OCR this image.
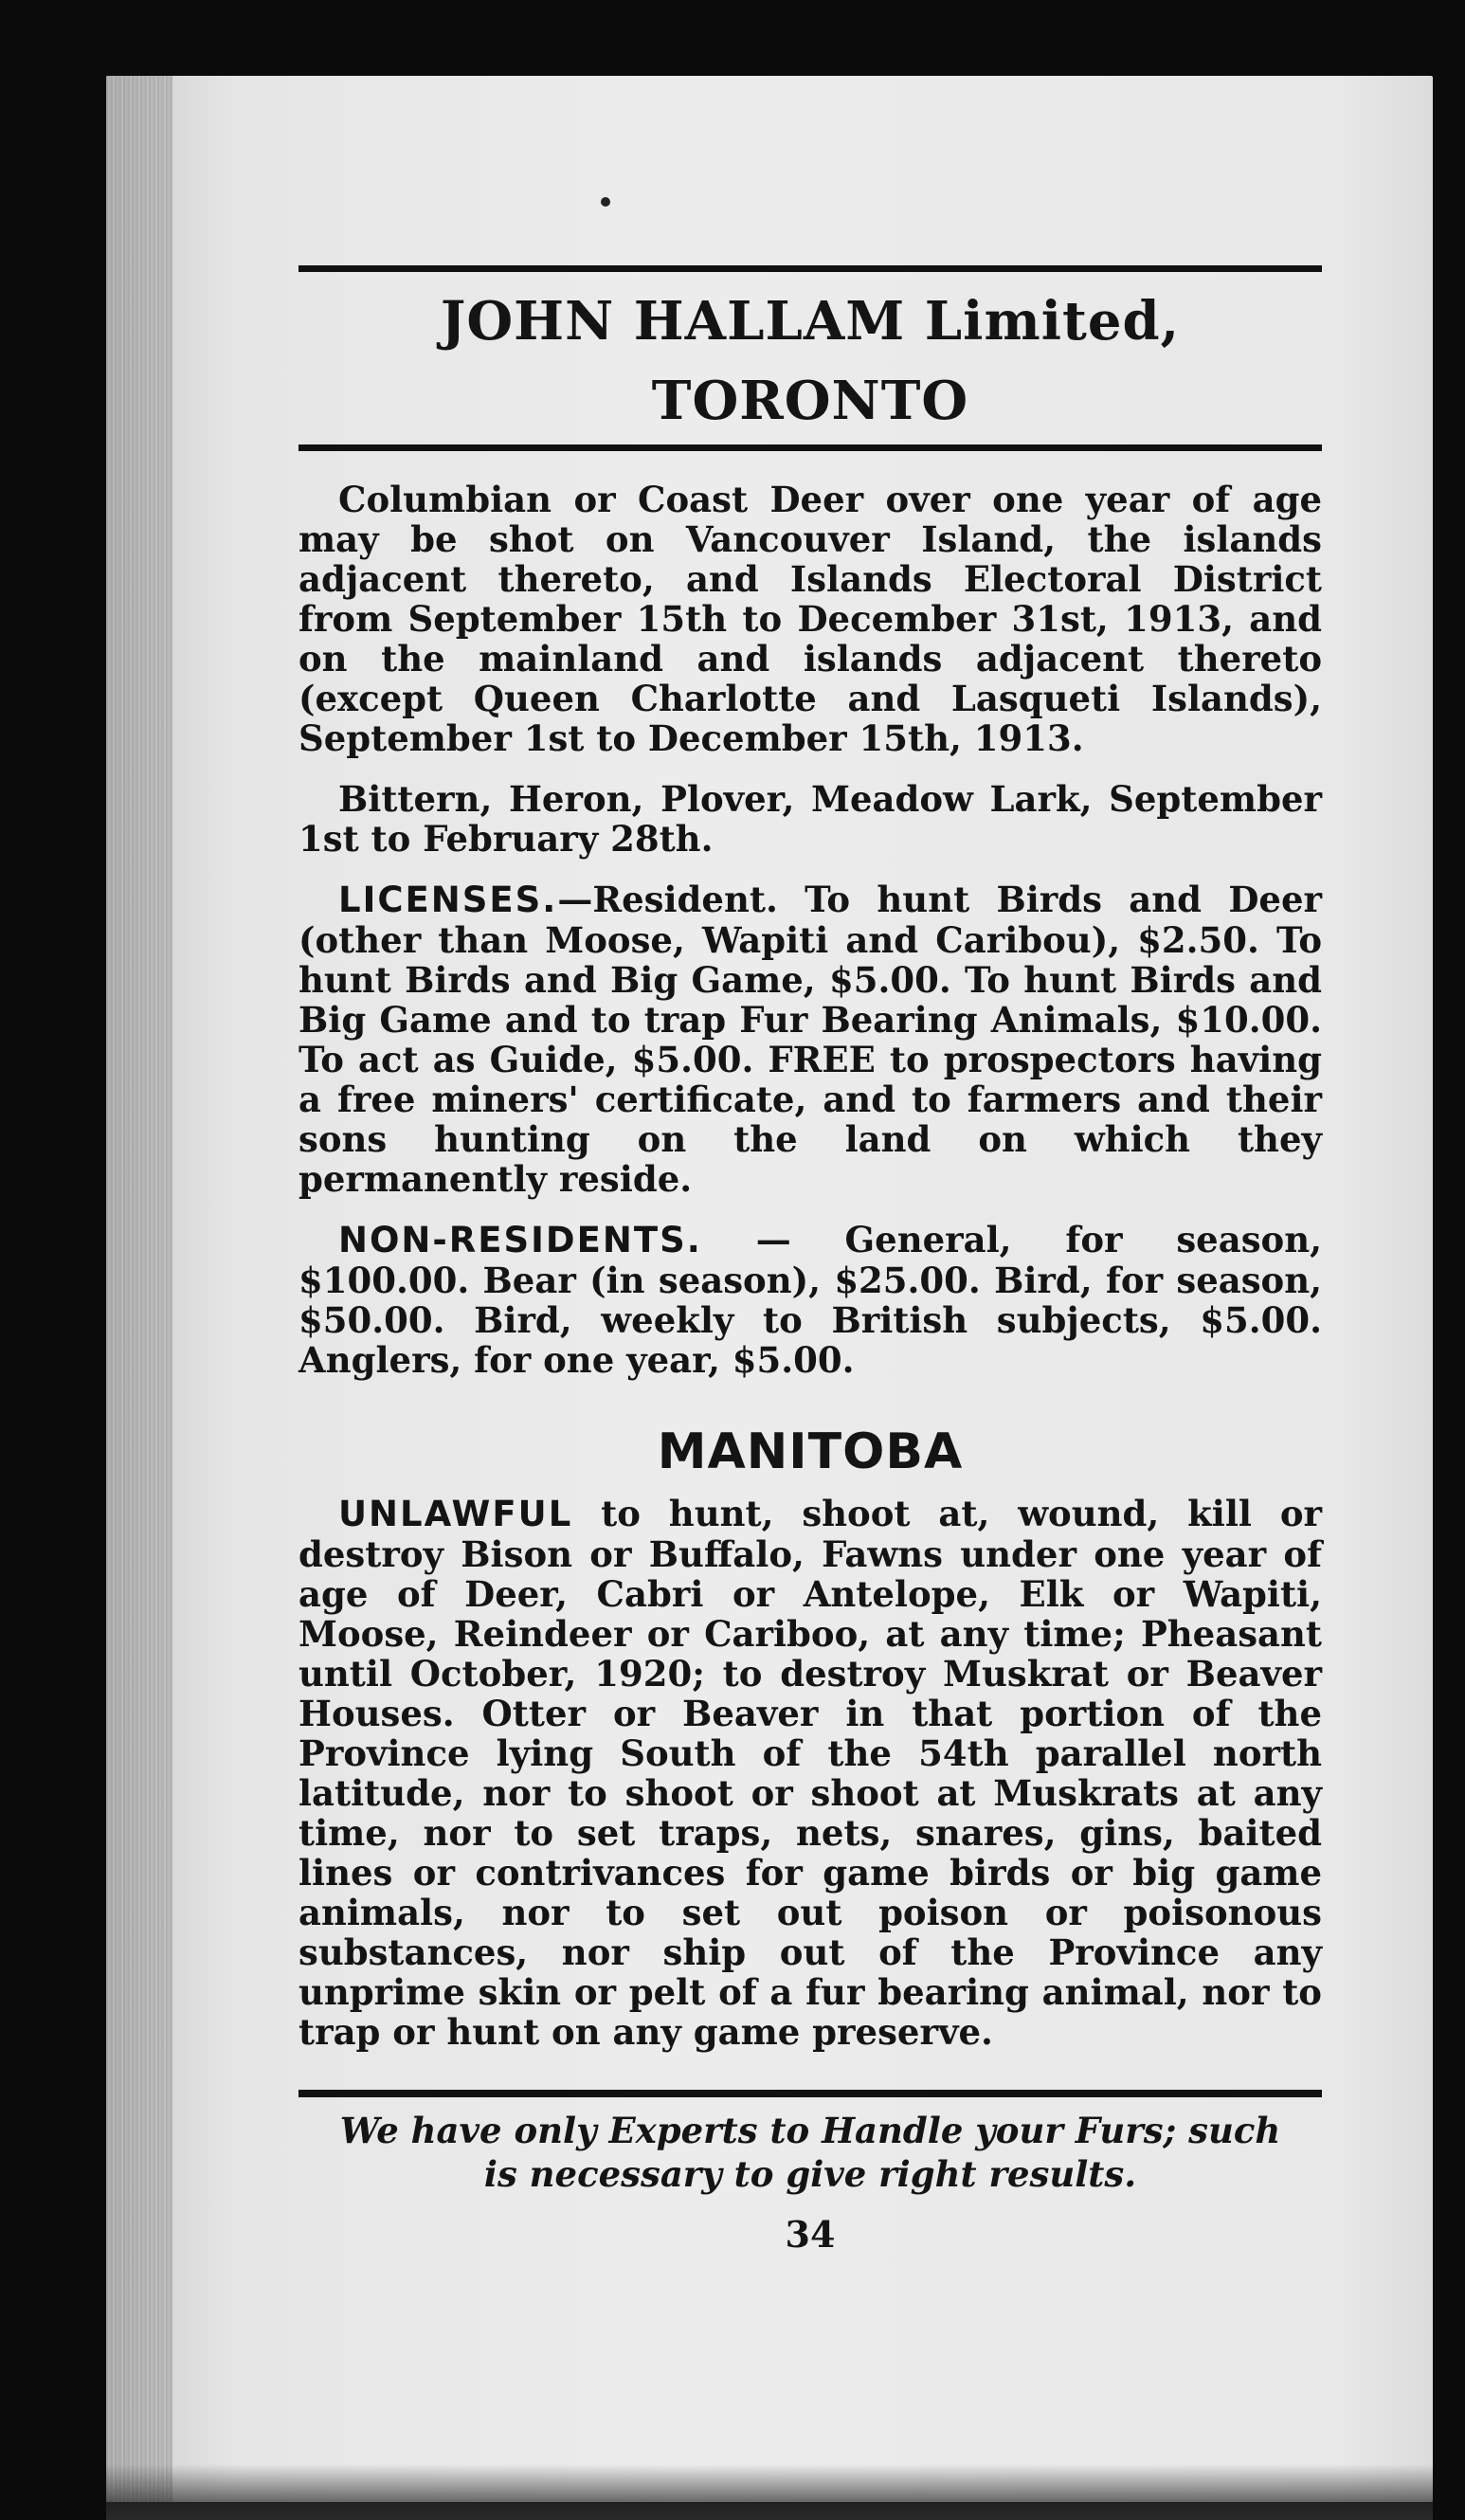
JOHN HALLAM Limited, TORONTO

Columbian or Coast Deer over one year of age may be shot on Vancouver Island, the islands adjacent thereto, and Islands Electoral District from September 15th to December 31st, 1913, and on the mainland and islands adjacent thereto (except Queen Charlotte and Lasqueti Islands), September 1st to December 15th, 1913.

Bittern, Heron, Plover, Meadow Lark, September 1st to February 28th.

LICENSES.—Resident. To hunt Birds and Deer (other than Moose, Wapiti and Caribou), $2.50. To hunt Birds and Big Game, $5.00. To hunt Birds and Big Game and to trap Fur Bearing Animals, $10.00. To act as Guide, $5.00. FREE to prospectors having a free miners' certificate, and to farmers and their sons hunting on the land on which they permanently reside.

NON-RESIDENTS. — General, for season, $100.00. Bear (in season), $25.00. Bird, for season, $50.00. Bird, weekly to British subjects, $5.00. Anglers, for one year, $5.00.

MANITOBA

UNLAWFUL to hunt, shoot at, wound, kill or destroy Bison or Buffalo, Fawns under one year of age of Deer, Cabri or Antelope, Elk or Wapiti, Moose, Reindeer or Cariboo, at any time; Pheasant until October, 1920; to destroy Muskrat or Beaver Houses. Otter or Beaver in that portion of the Province lying South of the 54th parallel north latitude, nor to shoot or shoot at Muskrats at any time, nor to set traps, nets, snares, gins, baited lines or contrivances for game birds or big game animals, nor to set out poison or poisonous substances, nor ship out of the Province any unprime skin or pelt of a fur bearing animal, nor to trap or hunt on any game preserve.

We have only Experts to Handle your Furs; such
is necessary to give right results.
34
